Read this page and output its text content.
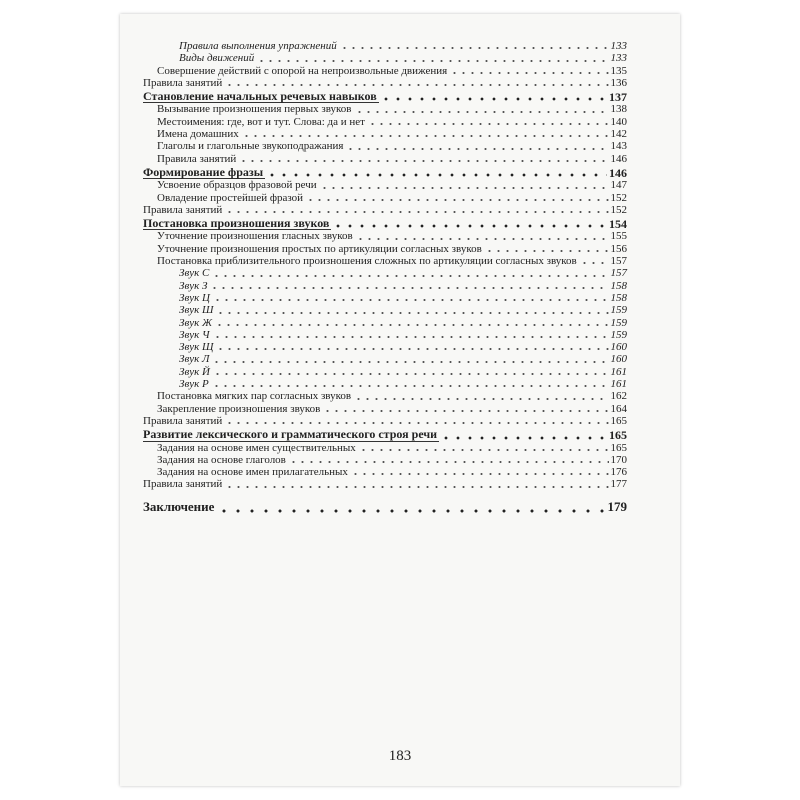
Правила выполнения упражнений	133
Виды движений	133
Совершение действий с опорой на непроизвольные движения	135
Правила занятий	136
Становление начальных речевых навыков	137
Вызывание произношения первых звуков	138
Местоимения: где, вот и тут. Слова: да и нет	140
Имена домашних	142
Глаголы и глагольные звукоподражания	143
Правила занятий	146
Формирование фразы	146
Усвоение образцов фразовой речи	147
Овладение простейшей фразой	152
Правила занятий	152
Постановка произношения звуков	154
Уточнение произношения гласных звуков	155
Уточнение произношения простых по артикуляции согласных звуков	156
Постановка приблизительного произношения сложных по артикуляции согласных звуков	157
Звук С	157
Звук З	158
Звук Ц	158
Звук Ш	159
Звук Ж	159
Звук Ч	159
Звук Щ	160
Звук Л	160
Звук Й	161
Звук Р	161
Постановка мягких пар согласных звуков	162
Закрепление произношения звуков	164
Правила занятий	165
Развитие лексического и грамматического строя речи	165
Задания на основе имен существительных	165
Задания на основе глаголов	170
Задания на основе имен прилагательных	176
Правила занятий	177
Заключение	179
183
